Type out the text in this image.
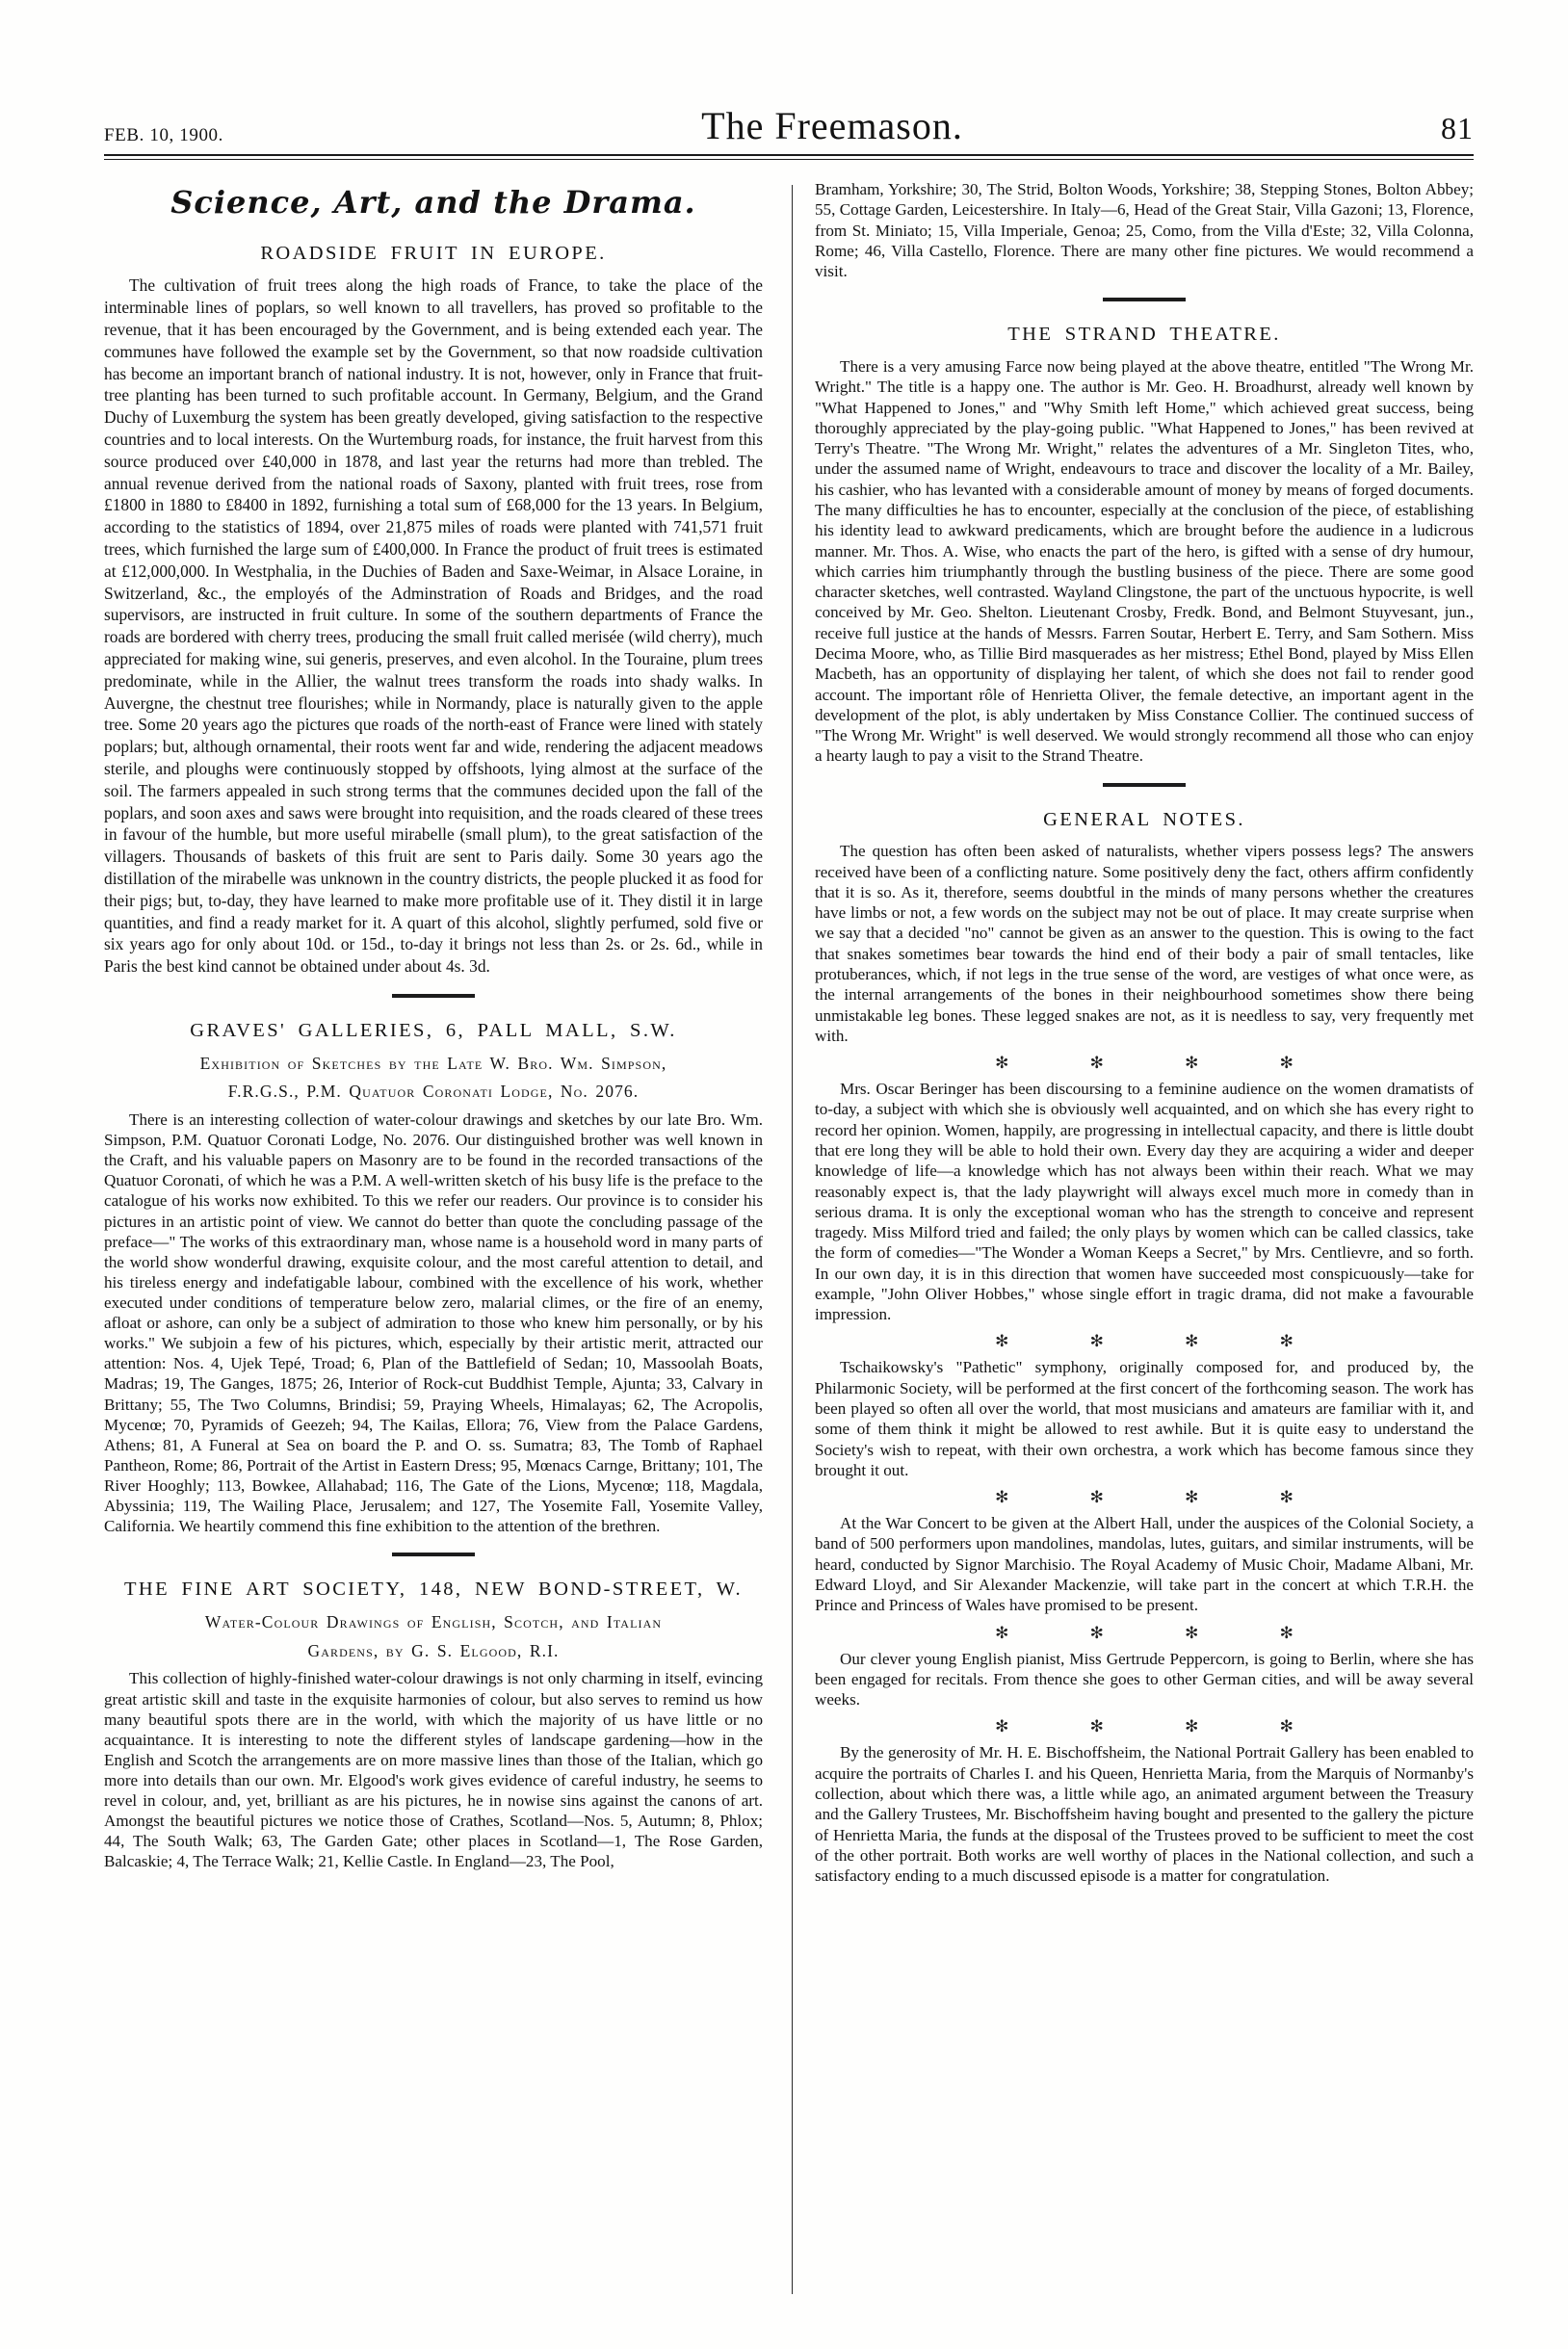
FEB. 10, 1900.	The Freemason.	81
Science, Art, and the Drama.
ROADSIDE FRUIT IN EUROPE.

The cultivation of fruit trees along the high roads of France, to take the place of the interminable lines of poplars, so well known to all travellers, has proved so profitable to the revenue, that it has been encouraged by the Government, and is being extended each year. The communes have followed the example set by the Government, so that now roadside cultivation has become an important branch of national industry. It is not, however, only in France that fruit-tree planting has been turned to such profitable account. In Germany, Belgium, and the Grand Duchy of Luxemburg the system has been greatly developed, giving satisfaction to the respective countries and to local interests. On the Wurtemburg roads, for instance, the fruit harvest from this source produced over £40,000 in 1878, and last year the returns had more than trebled. The annual revenue derived from the national roads of Saxony, planted with fruit trees, rose from £1800 in 1880 to £8400 in 1892, furnishing a total sum of £68,000 for the 13 years. In Belgium, according to the statistics of 1894, over 21,875 miles of roads were planted with 741,571 fruit trees, which furnished the large sum of £400,000. In France the product of fruit trees is estimated at £12,000,000. In Westphalia, in the Duchies of Baden and Saxe-Weimar, in Alsace Loraine, in Switzerland, &c., the employés of the Adminstration of Roads and Bridges, and the road supervisors, are instructed in fruit culture. In some of the southern departments of France the roads are bordered with cherry trees, producing the small fruit called merisée (wild cherry), much appreciated for making wine, sui generis, preserves, and even alcohol. In the Touraine, plum trees predominate, while in the Allier, the walnut trees transform the roads into shady walks. In Auvergne, the chestnut tree flourishes; while in Normandy, place is naturally given to the apple tree. Some 20 years ago the pictures que roads of the north-east of France were lined with stately poplars; but, although ornamental, their roots went far and wide, rendering the adjacent meadows sterile, and ploughs were continuously stopped by offshoots, lying almost at the surface of the soil. The farmers appealed in such strong terms that the communes decided upon the fall of the poplars, and soon axes and saws were brought into requisition, and the roads cleared of these trees in favour of the humble, but more useful mirabelle (small plum), to the great satisfaction of the villagers. Thousands of baskets of this fruit are sent to Paris daily. Some 30 years ago the distillation of the mirabelle was unknown in the country districts, the people plucked it as food for their pigs; but, to-day, they have learned to make more profitable use of it. They distil it in large quantities, and find a ready market for it. A quart of this alcohol, slightly perfumed, sold five or six years ago for only about 10d. or 15d., to-day it brings not less than 2s. or 2s. 6d., while in Paris the best kind cannot be obtained under about 4s. 3d.

GRAVES' GALLERIES, 6, PALL MALL, S.W.
Exhibition of Sketches by the Late W. Bro. Wm. Simpson,
F.R.G.S., P.M. Quatuor Coronati Lodge, No. 2076.

There is an interesting collection of water-colour drawings and sketches by our late Bro. Wm. Simpson, P.M. Quatuor Coronati Lodge, No. 2076. Our distinguished brother was well known in the Craft, and his valuable papers on Masonry are to be found in the recorded transactions of the Quatuor Coronati, of which he was a P.M. A well-written sketch of his busy life is the preface to the catalogue of his works now exhibited. To this we refer our readers. Our province is to consider his pictures in an artistic point of view. We cannot do better than quote the concluding passage of the preface—" The works of this extraordinary man, whose name is a household word in many parts of the world show wonderful drawing, exquisite colour, and the most careful attention to detail, and his tireless energy and indefatigable labour, combined with the excellence of his work, whether executed under conditions of temperature below zero, malarial climes, or the fire of an enemy, afloat or ashore, can only be a subject of admiration to those who knew him personally, or by his works." We subjoin a few of his pictures, which, especially by their artistic merit, attracted our attention: Nos. 4, Ujek Tepé, Troad; 6, Plan of the Battlefield of Sedan; 10, Massoolah Boats, Madras; 19, The Ganges, 1875; 26, Interior of Rock-cut Buddhist Temple, Ajunta; 33, Calvary in Brittany; 55, The Two Columns, Brindisi; 59, Praying Wheels, Himalayas; 62, The Acropolis, Mycenœ; 70, Pyramids of Geezeh; 94, The Kailas, Ellora; 76, View from the Palace Gardens, Athens; 81, A Funeral at Sea on board the P. and O. ss. Sumatra; 83, The Tomb of Raphael Pantheon, Rome; 86, Portrait of the Artist in Eastern Dress; 95, Mœnacs Carnge, Brittany; 101, The River Hooghly; 113, Bowkee, Allahabad; 116, The Gate of the Lions, Mycenœ; 118, Magdala, Abyssinia; 119, The Wailing Place, Jerusalem; and 127, The Yosemite Fall, Yosemite Valley, California. We heartily commend this fine exhibition to the attention of the brethren.

THE FINE ART SOCIETY, 148, NEW BOND-STREET, W.
Water-Colour Drawings of English, Scotch, and Italian
Gardens, by G. S. Elgood, R.I.

This collection of highly-finished water-colour drawings is not only charming in itself, evincing great artistic skill and taste in the exquisite harmonies of colour, but also serves to remind us how many beautiful spots there are in the world, with which the majority of us have little or no acquaintance. It is interesting to note the different styles of landscape gardening—how in the English and Scotch the arrangements are on more massive lines than those of the Italian, which go more into details than our own. Mr. Elgood's work gives evidence of careful industry, he seems to revel in colour, and, yet, brilliant as are his pictures, he in nowise sins against the canons of art. Amongst the beautiful pictures we notice those of Crathes, Scotland—Nos. 5, Autumn; 8, Phlox; 44, The South Walk; 63, The Garden Gate; other places in Scotland—1, The Rose Garden, Balcaskie; 4, The Terrace Walk; 21, Kellie Castle. In England—23, The Pool,

Bramham, Yorkshire; 30, The Strid, Bolton Woods, Yorkshire; 38, Stepping Stones, Bolton Abbey; 55, Cottage Garden, Leicestershire. In Italy—6, Head of the Great Stair, Villa Gazoni; 13, Florence, from St. Miniato; 15, Villa Imperiale, Genoa; 25, Como, from the Villa d'Este; 32, Villa Colonna, Rome; 46, Villa Castello, Florence. There are many other fine pictures. We would recommend a visit.

THE STRAND THEATRE.

There is a very amusing Farce now being played at the above theatre, entitled "The Wrong Mr. Wright." The title is a happy one. The author is Mr. Geo. H. Broadhurst, already well known by "What Happened to Jones," and "Why Smith left Home," which achieved great success, being thoroughly appreciated by the play-going public. "What Happened to Jones," has been revived at Terry's Theatre. "The Wrong Mr. Wright," relates the adventures of a Mr. Singleton Tites, who, under the assumed name of Wright, endeavours to trace and discover the locality of a Mr. Bailey, his cashier, who has levanted with a considerable amount of money by means of forged documents. The many difficulties he has to encounter, especially at the conclusion of the piece, of establishing his identity lead to awkward predicaments, which are brought before the audience in a ludicrous manner. Mr. Thos. A. Wise, who enacts the part of the hero, is gifted with a sense of dry humour, which carries him triumphantly through the bustling business of the piece. There are some good character sketches, well contrasted. Wayland Clingstone, the part of the unctuous hypocrite, is well conceived by Mr. Geo. Shelton. Lieutenant Crosby, Fredk. Bond, and Belmont Stuyvesant, jun., receive full justice at the hands of Messrs. Farren Soutar, Herbert E. Terry, and Sam Sothern. Miss Decima Moore, who, as Tillie Bird masquerades as her mistress; Ethel Bond, played by Miss Ellen Macbeth, has an opportunity of displaying her talent, of which she does not fail to render good account. The important rôle of Henrietta Oliver, the female detective, an important agent in the development of the plot, is ably undertaken by Miss Constance Collier. The continued success of "The Wrong Mr. Wright" is well deserved. We would strongly recommend all those who can enjoy a hearty laugh to pay a visit to the Strand Theatre.

GENERAL NOTES.

The question has often been asked of naturalists, whether vipers possess legs? The answers received have been of a conflicting nature. Some positively deny the fact, others affirm confidently that it is so. As it, therefore, seems doubtful in the minds of many persons whether the creatures have limbs or not, a few words on the subject may not be out of place. It may create surprise when we say that a decided "no" cannot be given as an answer to the question. This is owing to the fact that snakes sometimes bear towards the hind end of their body a pair of small tentacles, like protuberances, which, if not legs in the true sense of the word, are vestiges of what once were, as the internal arrangements of the bones in their neighbourhood sometimes show there being unmistakable leg bones. These legged snakes are not, as it is needless to say, very frequently met with.

✻ ✻ ✻ ✻

Mrs. Oscar Beringer has been discoursing to a feminine audience on the women dramatists of to-day, a subject with which she is obviously well acquainted, and on which she has every right to record her opinion. Women, happily, are progressing in intellectual capacity, and there is little doubt that ere long they will be able to hold their own. Every day they are acquiring a wider and deeper knowledge of life—a knowledge which has not always been within their reach. What we may reasonably expect is, that the lady playwright will always excel much more in comedy than in serious drama. It is only the exceptional woman who has the strength to conceive and represent tragedy. Miss Milford tried and failed; the only plays by women which can be called classics, take the form of comedies—"The Wonder a Woman Keeps a Secret," by Mrs. Centlievre, and so forth. In our own day, it is in this direction that women have succeeded most conspicuously—take for example, "John Oliver Hobbes," whose single effort in tragic drama, did not make a favourable impression.

✻ ✻ ✻ ✻

Tschaikowsky's "Pathetic" symphony, originally composed for, and produced by, the Philarmonic Society, will be performed at the first concert of the forthcoming season. The work has been played so often all over the world, that most musicians and amateurs are familiar with it, and some of them think it might be allowed to rest awhile. But it is quite easy to understand the Society's wish to repeat, with their own orchestra, a work which has become famous since they brought it out.

✻ ✻ ✻ ✻

At the War Concert to be given at the Albert Hall, under the auspices of the Colonial Society, a band of 500 performers upon mandolines, mandolas, lutes, guitars, and similar instruments, will be heard, conducted by Signor Marchisio. The Royal Academy of Music Choir, Madame Albani, Mr. Edward Lloyd, and Sir Alexander Mackenzie, will take part in the concert at which T.R.H. the Prince and Princess of Wales have promised to be present.

✻ ✻ ✻ ✻

Our clever young English pianist, Miss Gertrude Peppercorn, is going to Berlin, where she has been engaged for recitals. From thence she goes to other German cities, and will be away several weeks.

✻ ✻ ✻ ✻

By the generosity of Mr. H. E. Bischoffsheim, the National Portrait Gallery has been enabled to acquire the portraits of Charles I. and his Queen, Henrietta Maria, from the Marquis of Normanby's collection, about which there was, a little while ago, an animated argument between the Treasury and the Gallery Trustees, Mr. Bischoffsheim having bought and presented to the gallery the picture of Henrietta Maria, the funds at the disposal of the Trustees proved to be sufficient to meet the cost of the other portrait. Both works are well worthy of places in the National collection, and such a satisfactory ending to a much discussed episode is a matter for congratulation.
